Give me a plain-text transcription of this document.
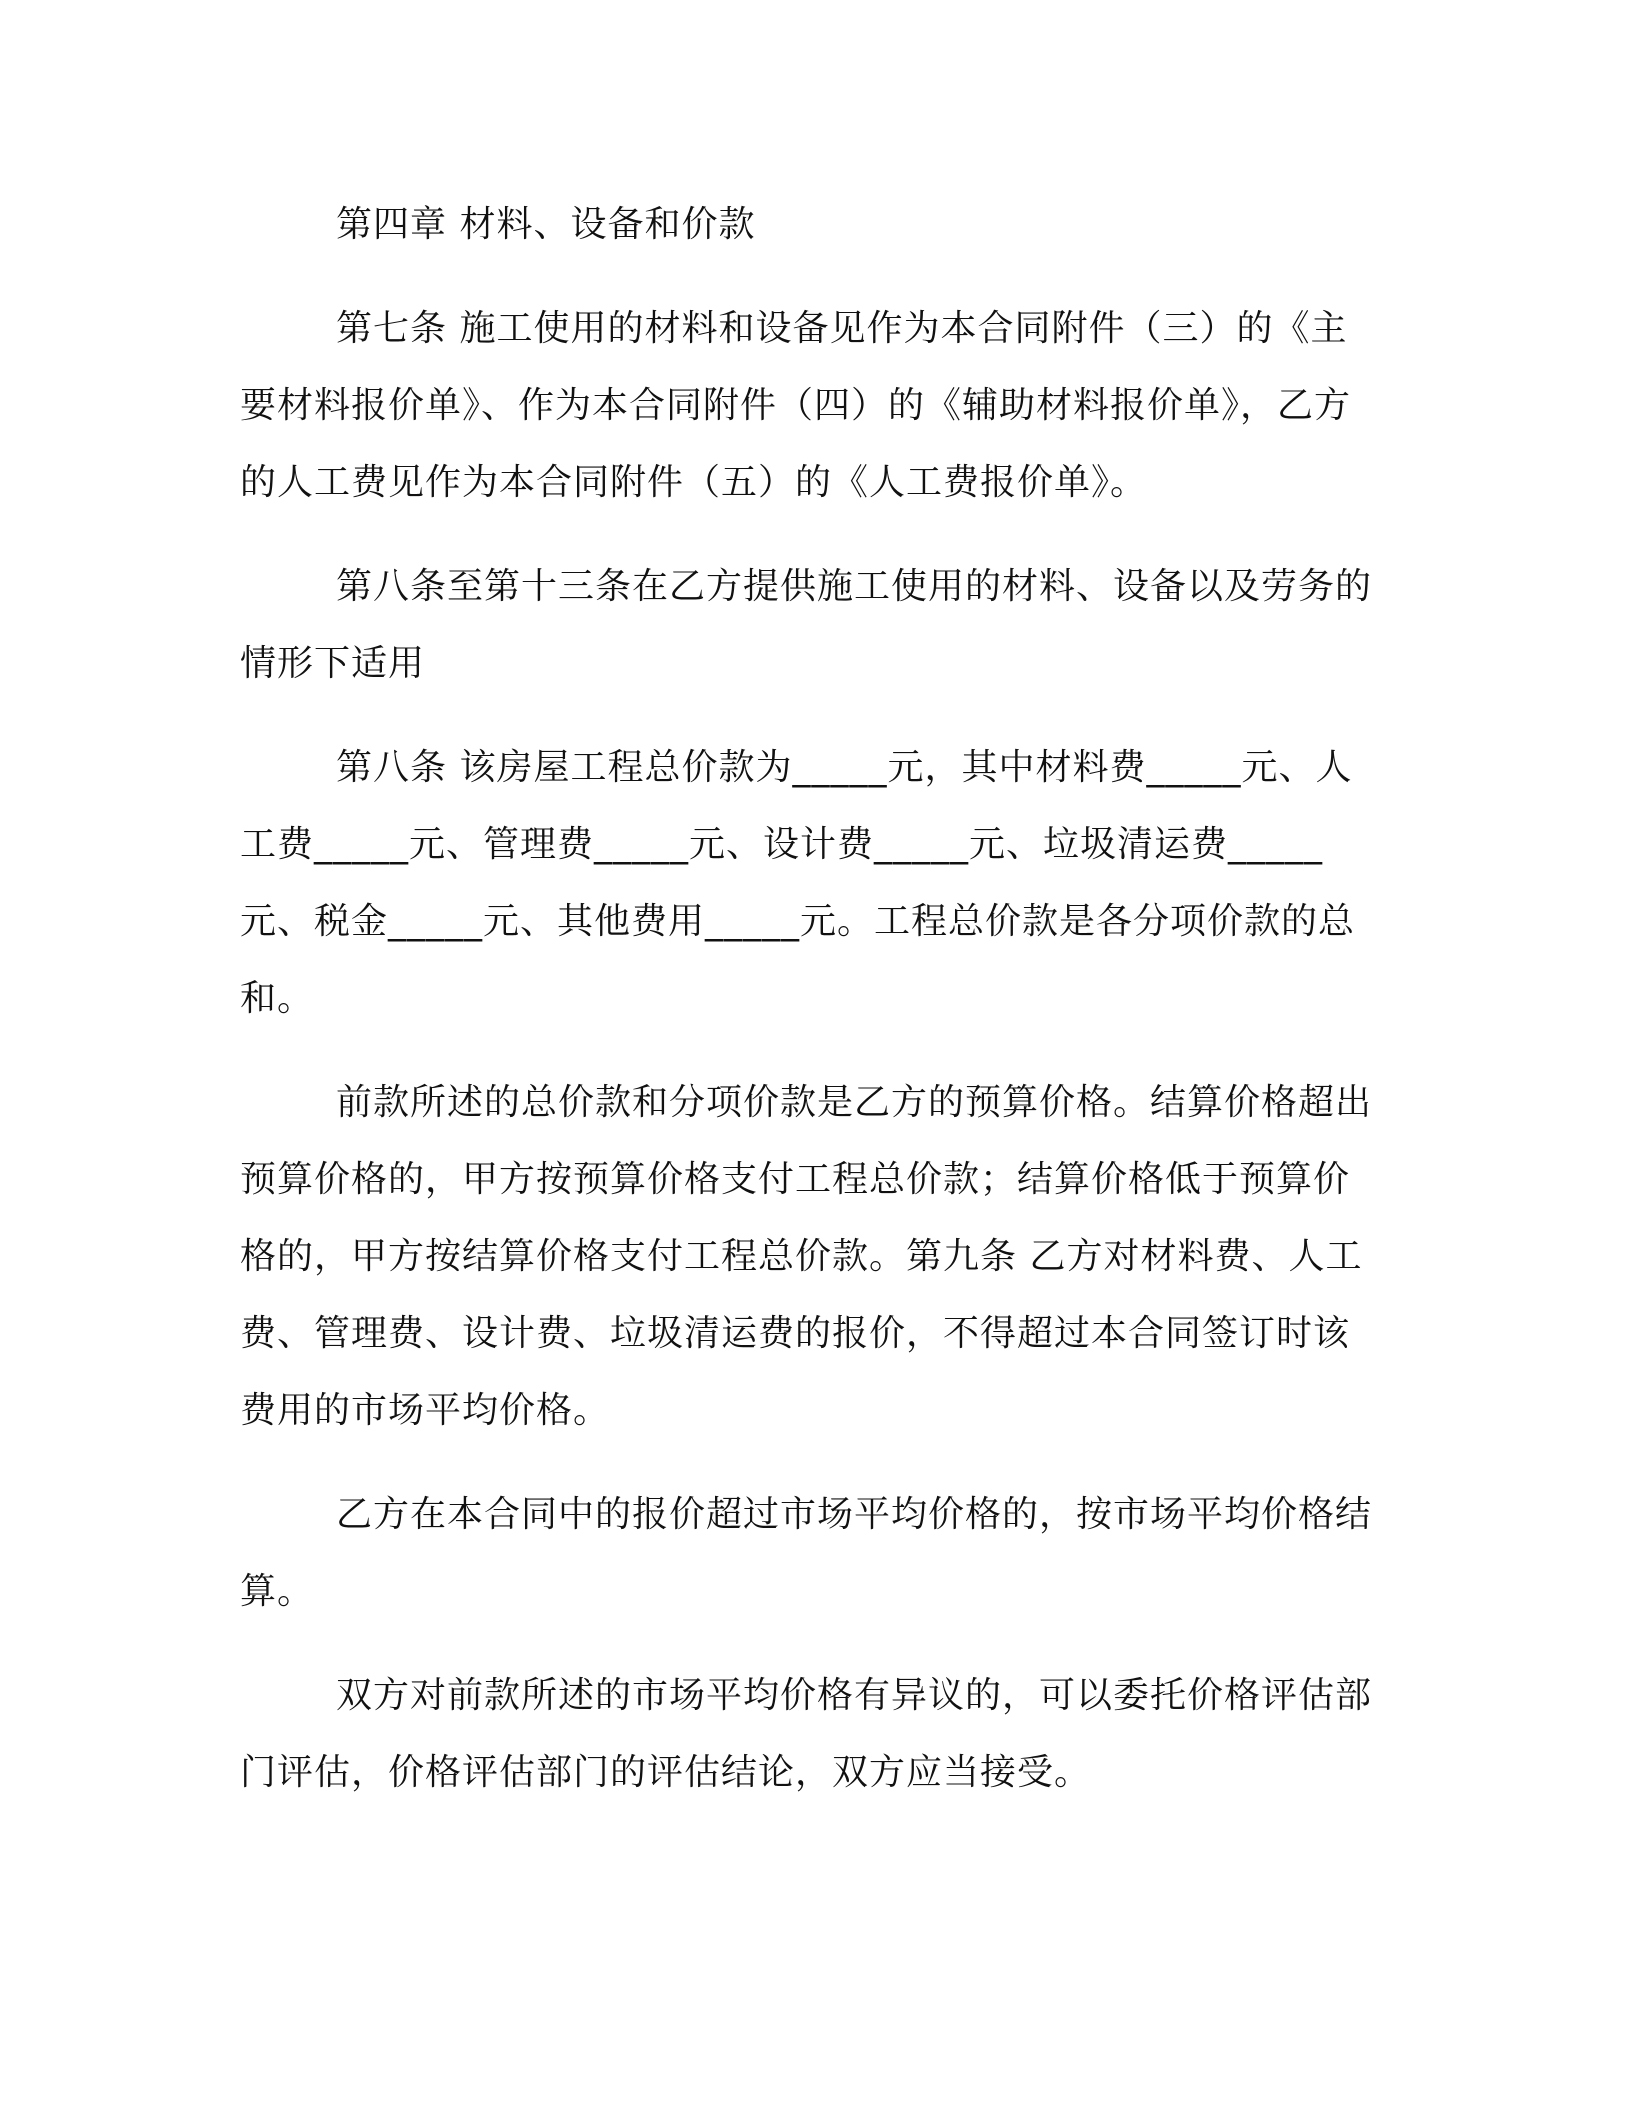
第四章 材料、设备和价款

第七条 施工使用的材料和设备见作为本合同附件（三）的《主要材料报价单》、作为本合同附件（四）的《辅助材料报价单》，乙方的人工费见作为本合同附件（五）的《人工费报价单》。

第八条至第十三条在乙方提供施工使用的材料、设备以及劳务的情形下适用

第八条 该房屋工程总价款为_____元，其中材料费_____元、人工费_____元、管理费_____元、设计费_____元、垃圾清运费_____元、税金_____元、其他费用_____元。工程总价款是各分项价款的总和。

前款所述的总价款和分项价款是乙方的预算价格。结算价格超出预算价格的，甲方按预算价格支付工程总价款；结算价格低于预算价格的，甲方按结算价格支付工程总价款。第九条 乙方对材料费、人工费、管理费、设计费、垃圾清运费的报价，不得超过本合同签订时该费用的市场平均价格。

乙方在本合同中的报价超过市场平均价格的，按市场平均价格结算。

双方对前款所述的市场平均价格有异议的，可以委托价格评估部门评估，价格评估部门的评估结论，双方应当接受。
